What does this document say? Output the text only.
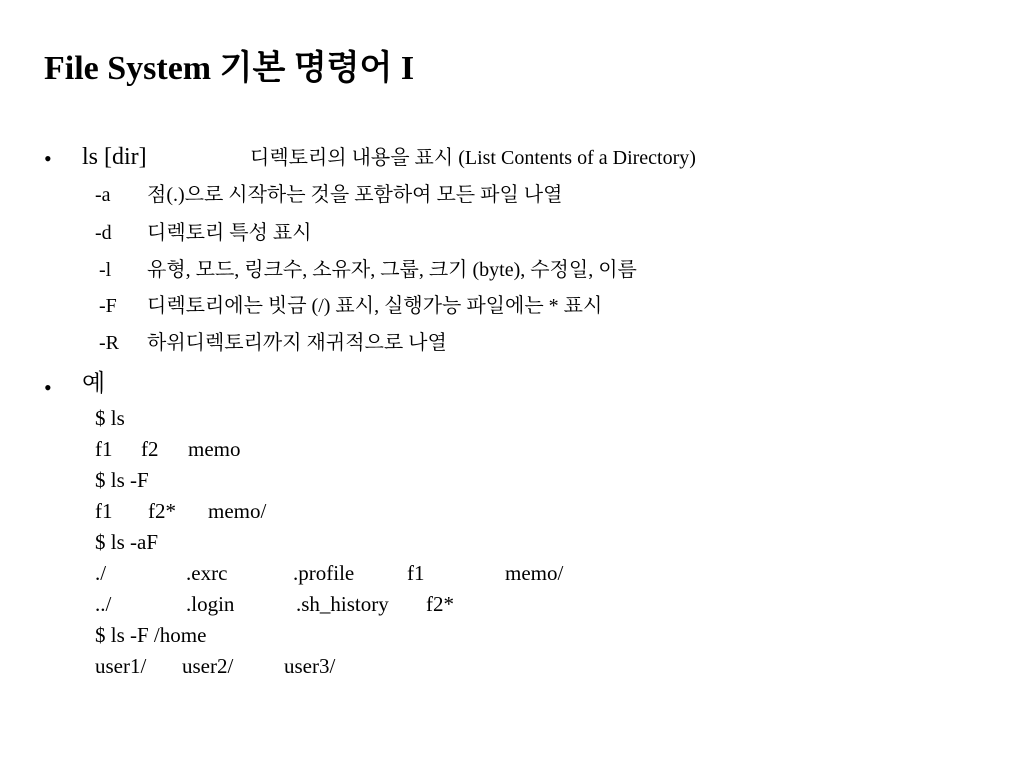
File System 기본 명령어 I
• ls [dir]	디렉토리의 내용을 표시 (List Contents of a Directory)
-a 점(.)으로 시작하는 것을 포함하여 모든 파일 나열
-d 디렉토리 특성 표시
-l 유형, 모드, 링크수, 소유자, 그룹, 크기 (byte), 수정일, 이름
-F 디렉토리에는 빗금 (/) 표시, 실행가능 파일에는 * 표시
-R 하위디렉토리까지 재귀적으로 나열
• 예
$ ls
f1 f2 memo
$ ls -F
f1 f2* memo/
$ ls -aF
./	.exrc	.profile	f1	memo/
../	.login	.sh_history f2*
$ ls -F /home
user1/ user2/ user3/
